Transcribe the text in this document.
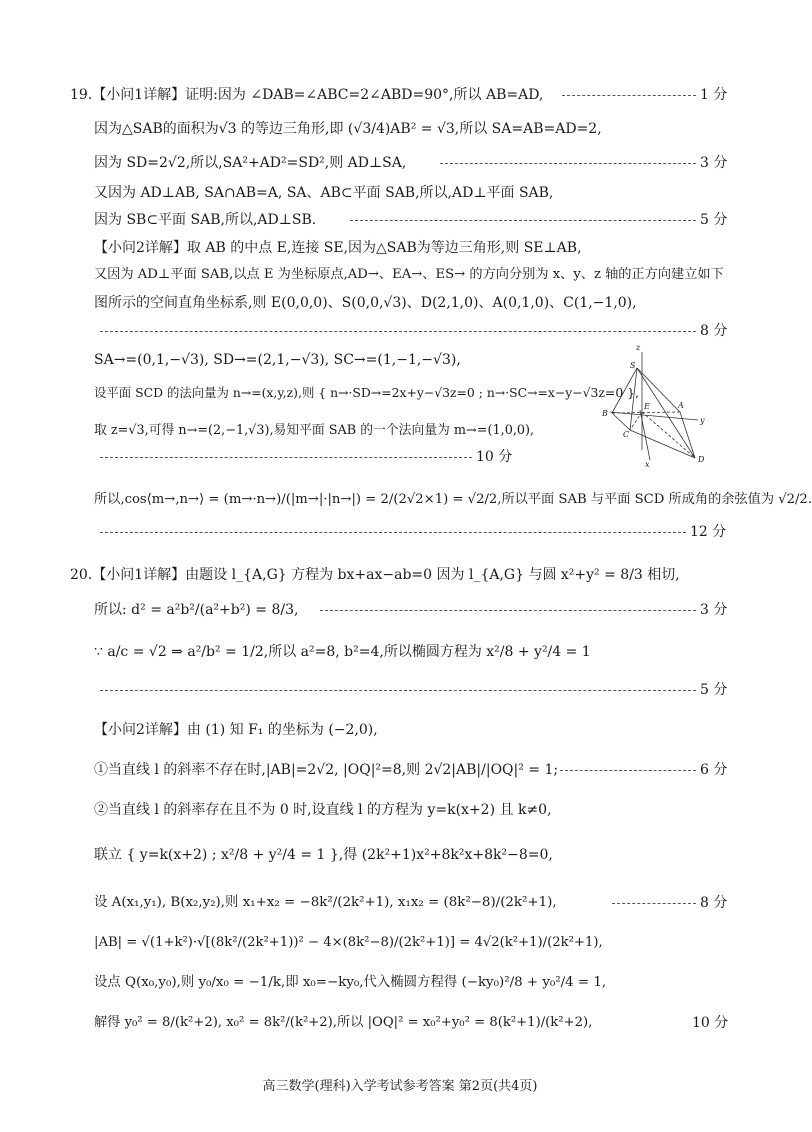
19.【小问1详解】证明:因为 ∠DAB=∠ABC=2∠ABD=90°,所以 AB=AD,	1 分
因为△SAB的面积为√3 的等边三角形,即 (√3/4)AB² = √3,所以 SA=AB=AD=2,
因为 SD=2√2,所以,SA²+AD²=SD²,则 AD⊥SA,	3 分
又因为 AD⊥AB, SA∩AB=A, SA、AB⊂平面 SAB,所以,AD⊥平面 SAB,
因为 SB⊂平面 SAB,所以,AD⊥SB.	5 分
【小问2详解】取 AB 的中点 E,连接 SE,因为△SAB为等边三角形,则 SE⊥AB,
又因为 AD⊥平面 SAB,以点 E 为坐标原点,AD→、EA→、ES→ 的方向分别为 x、y、z 轴的正方向建立如下
图所示的空间直角坐标系,则 E(0,0,0)、S(0,0,√3)、D(2,1,0)、A(0,1,0)、C(1,−1,0),
8 分
SA→=(0,1,−√3), SD→=(2,1,−√3), SC→=(1,−1,−√3),
设平面 SCD 的法向量为 n→=(x,y,z),则 { n→·SD→=2x+y−√3z=0 ; n→·SC→=x−y−√3z=0 },
取 z=√3,可得 n→=(2,−1,√3),易知平面 SAB 的一个法向量为 m→=(1,0,0),
10 分
z
S
B
E	A
y
C
D
x
所以,cos⟨m→,n→⟩ = (m→·n→)/(|m→|·|n→|) = 2/(2√2×1) = √2/2,所以平面 SAB 与平面 SCD 所成角的余弦值为 √2/2.
12 分
20.【小问1详解】由题设 l_{A,G} 方程为 bx+ax−ab=0 因为 l_{A,G} 与圆 x²+y² = 8/3 相切,
所以: d² = a²b²/(a²+b²) = 8/3,	3 分
∵ a/c = √2 ⇒ a²/b² = 1/2,所以 a²=8, b²=4,所以椭圆方程为 x²/8 + y²/4 = 1
5 分
【小问2详解】由 (1) 知 F₁ 的坐标为 (−2,0),
①当直线 l 的斜率不存在时,|AB|=2√2, |OQ|²=8,则 2√2|AB|/|OQ|² = 1;	6 分
②当直线 l 的斜率存在且不为 0 时,设直线 l 的方程为 y=k(x+2) 且 k≠0,
联立 { y=k(x+2) ; x²/8 + y²/4 = 1 },得 (2k²+1)x²+8k²x+8k²−8=0,
设 A(x₁,y₁), B(x₂,y₂),则 x₁+x₂ = −8k²/(2k²+1), x₁x₂ = (8k²−8)/(2k²+1),	8 分
|AB| = √(1+k²)·√[(8k²/(2k²+1))² − 4×(8k²−8)/(2k²+1)] = 4√2(k²+1)/(2k²+1),
设点 Q(x₀,y₀),则 y₀/x₀ = −1/k,即 x₀=−ky₀,代入椭圆方程得 (−ky₀)²/8 + y₀²/4 = 1,
解得 y₀² = 8/(k²+2), x₀² = 8k²/(k²+2),所以 |OQ|² = x₀²+y₀² = 8(k²+1)/(k²+2),	10 分
高三数学(理科)入学考试参考答案 第2页(共4页)
